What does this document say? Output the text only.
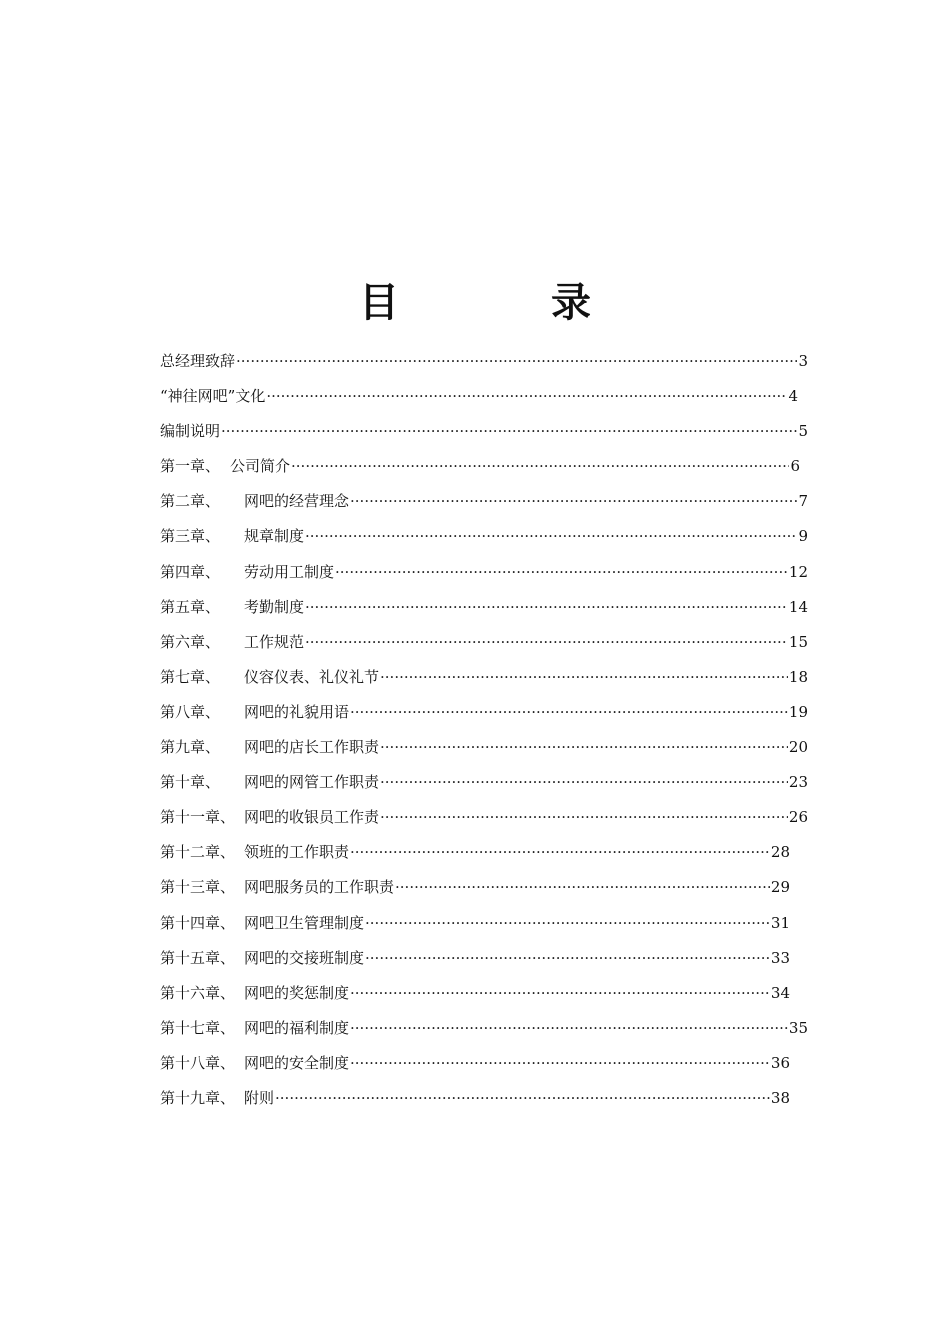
目　录
总经理致辞 ·····	3
“神往网吧”文化 ·····	4
编制说明 ·····	5
第一章、 公司简介 ·····	6
第二章、	网吧的经营理念 ·····	7
第三章、	规章制度 ·····	9
第四章、	劳动用工制度 ·····	12
第五章、	考勤制度 ·····	14
第六章、	工作规范 ·····	15
第七章、	仪容仪表、礼仪礼节 ·····	18
第八章、	网吧的礼貌用语 ·····	19
第九章、	网吧的店长工作职责 ·····	20
第十章、	网吧的网管工作职责 ·····	23
第十一章、 网吧的收银员工作责 ·····	26
第十二章、 领班的工作职责 ·····	28
第十三章、 网吧服务员的工作职责 ·····	29
第十四章、 网吧卫生管理制度 ·····	31
第十五章、 网吧的交接班制度 ·····	33
第十六章、 网吧的奖惩制度 ·····	34
第十七章、 网吧的福利制度 ·····	35
第十八章、 网吧的安全制度 ·····	36
第十九章、 附则 ·····	38
